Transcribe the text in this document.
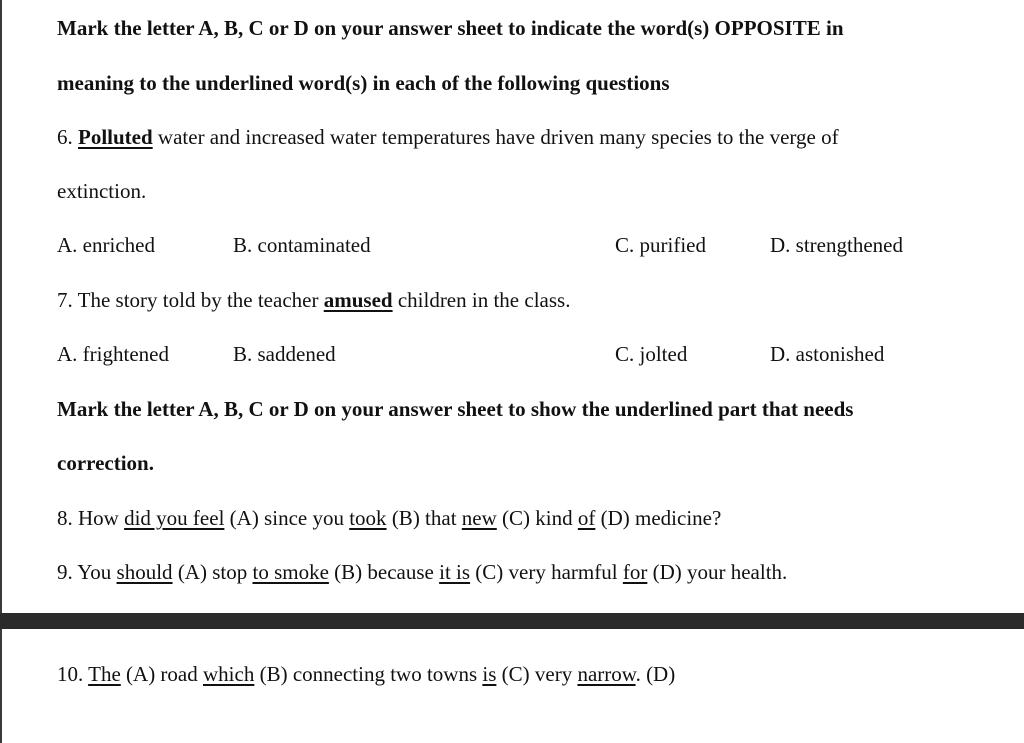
Mark the letter A, B, C or D on your answer sheet to indicate the word(s) OPPOSITE in
meaning to the underlined word(s) in each of the following questions
6. Polluted water and increased water temperatures have driven many species to the verge of
extinction.
A. enriched	B. contaminated	C. purified	D. strengthened
7. The story told by the teacher amused children in the class.
A. frightened	B. saddened	C. jolted	D. astonished
Mark the letter A, B, C or D on your answer sheet to show the underlined part that needs
correction.
8. How did you feel (A) since you took (B) that new (C) kind of (D) medicine?
9. You should (A) stop to smoke (B) because it is (C) very harmful for (D) your health.
10. The (A) road which (B) connecting two towns is (C) very narrow. (D)
